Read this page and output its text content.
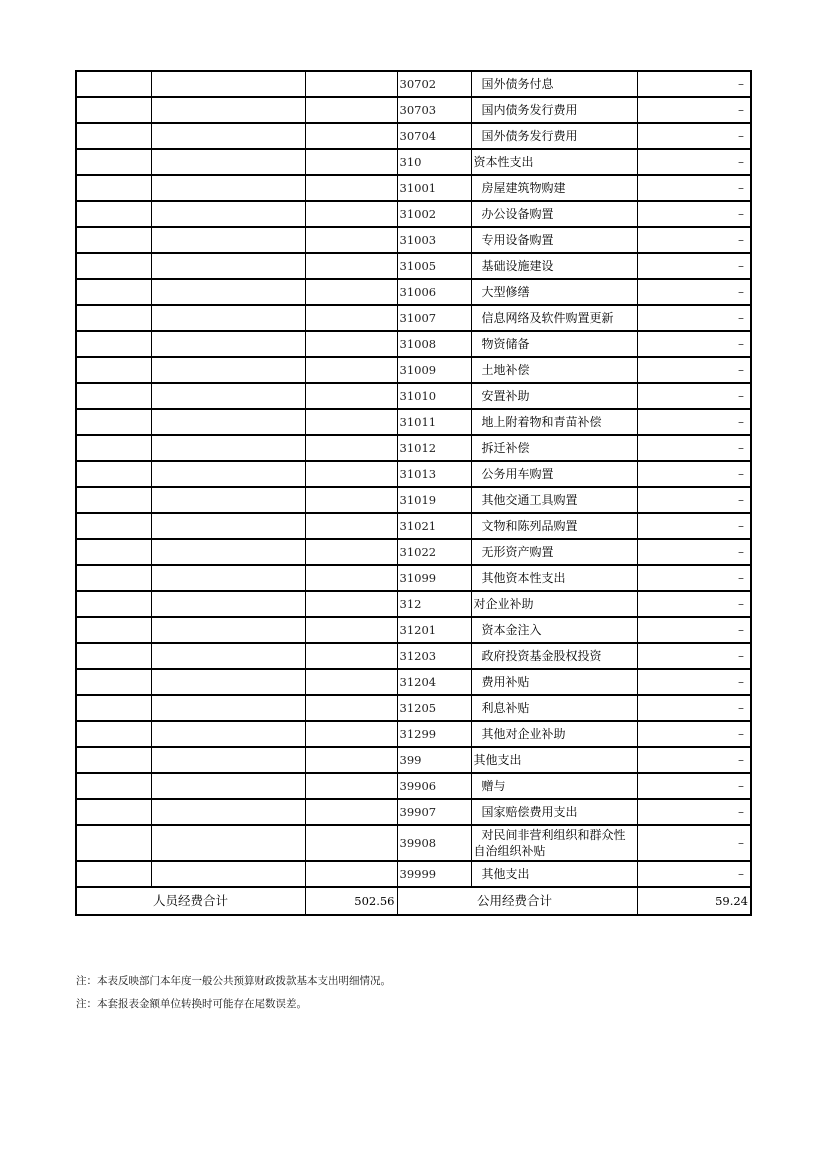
			30702	国外债务付息	–
			30703	国内债务发行费用	–
			30704	国外债务发行费用	–
			310	资本性支出	–
			31001	房屋建筑物购建	–
			31002	办公设备购置	–
			31003	专用设备购置	–
			31005	基础设施建设	–
			31006	大型修缮	–
			31007	信息网络及软件购置更新	–
			31008	物资储备	–
			31009	土地补偿	–
			31010	安置补助	–
			31011	地上附着物和青苗补偿	–
			31012	拆迁补偿	–
			31013	公务用车购置	–
			31019	其他交通工具购置	–
			31021	文物和陈列品购置	–
			31022	无形资产购置	–
			31099	其他资本性支出	–
			312	对企业补助	–
			31201	资本金注入	–
			31203	政府投资基金股权投资	–
			31204	费用补贴	–
			31205	利息补贴	–
			31299	其他对企业补助	–
			399	其他支出	–
			39906	赠与	–
			39907	国家赔偿费用支出	–
			39908	对民间非营利组织和群众性自治组织补贴	–
			39999	其他支出	–
	人员经费合计	502.56		公用经费合计	59.24
注：本表反映部门本年度一般公共预算财政拨款基本支出明细情况。
注：本套报表金额单位转换时可能存在尾数误差。
